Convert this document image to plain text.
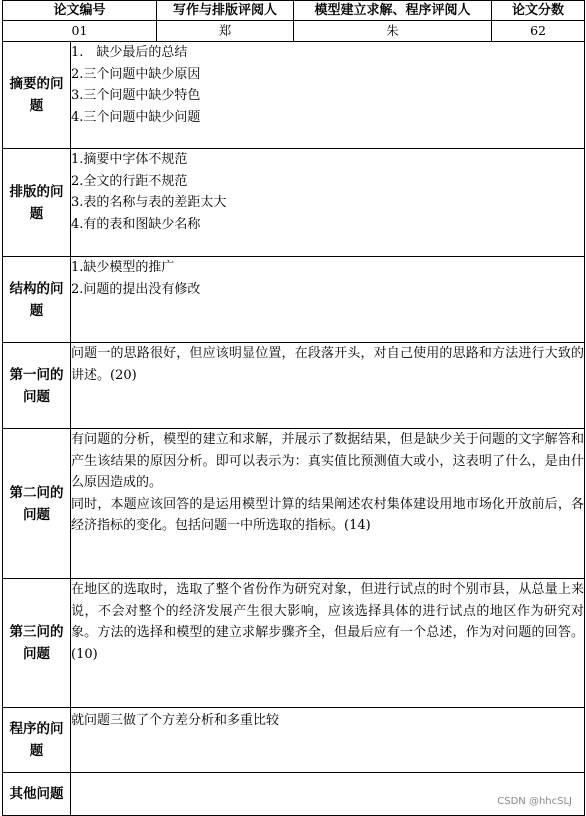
论文编号		写作与排版评阅人	模型建立求解、程序评阅人	论文分数
01		郑	朱	62
摘要的问题	1.　缺少最后的总结
2.三个问题中缺少原因
3.三个问题中缺少特色
4.三个问题中缺少问题			

排版的问题	1.摘要中字体不规范
2.全文的行距不规范
3.表的名称与表的差距太大
4.有的表和图缺少名称			

结构的问题	1.缺少模型的推广
2.问题的提出没有修改			

第一问的问题	问题一的思路很好，但应该明显位置，在段落开头，对自己使用的思路和方法进行大致的讲述。(20)			

第二问的问题	有问题的分析，模型的建立和求解，并展示了数据结果，但是缺少关于问题的文字解答和产生该结果的原因分析。即可以表示为：真实值比预测值大或小，这表明了什么，是由什么原因造成的。
同时，本题应该回答的是运用模型计算的结果阐述农村集体建设用地市场化开放前后，各经济指标的变化。包括问题一中所选取的指标。(14)			

第三问的问题	在地区的选取时，选取了整个省份作为研究对象，但进行试点的时个别市县，从总量上来说，不会对整个的经济发展产生很大影响，应该选择具体的进行试点的地区作为研究对象。方法的选择和模型的建立求解步骤齐全，但最后应有一个总述，作为对问题的回答。(10)			

程序的问题	就问题三做了个方差分析和多重比较			

其他问题					CSDN @hhcSLJ
